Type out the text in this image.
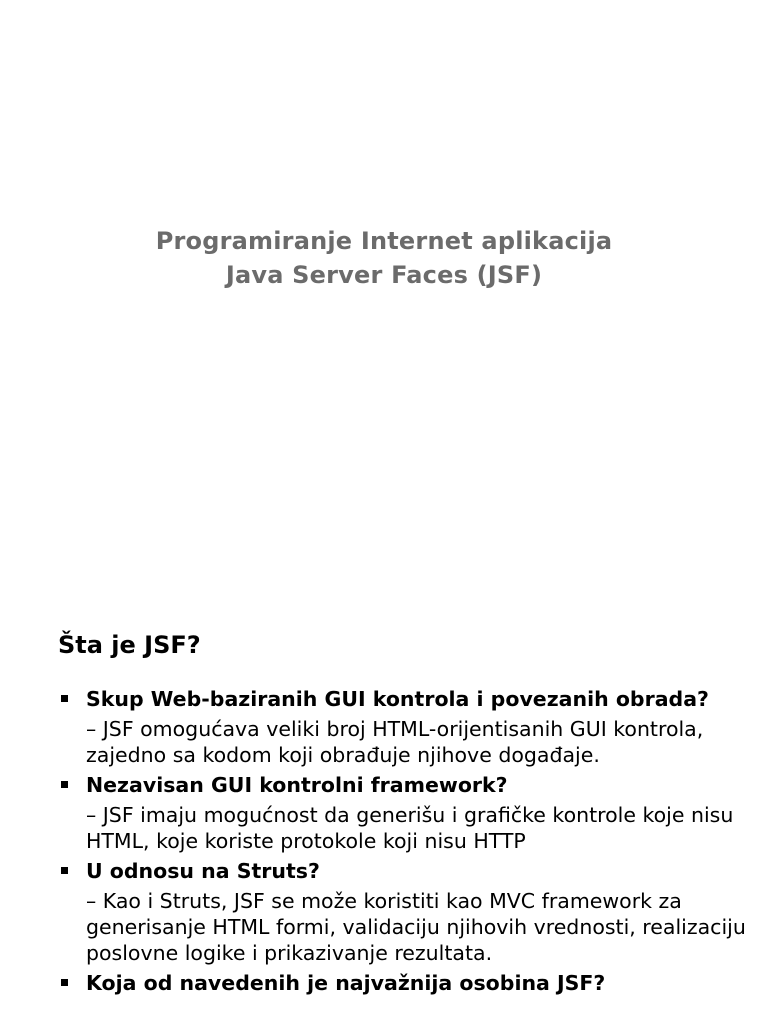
Programiranje Internet aplikacija
Java Server Faces (JSF)
Šta je JSF?
Skup Web-baziranih GUI kontrola i povezanih obrada?
– JSF omogućava veliki broj HTML-orijentisanih GUI kontrola, zajedno sa kodom koji obrađuje njihove događaje.
Nezavisan GUI kontrolni framework?
– JSF imaju mogućnost da generišu i grafičke kontrole koje nisu HTML, koje koriste protokole koji nisu HTTP
U odnosu na Struts?
– Kao i Struts, JSF se može koristiti kao MVC framework za generisanje HTML formi, validaciju njihovih vrednosti, realizaciju poslovne logike i prikazivanje rezultata.
Koja od navedenih je najvažnija osobina JSF?
